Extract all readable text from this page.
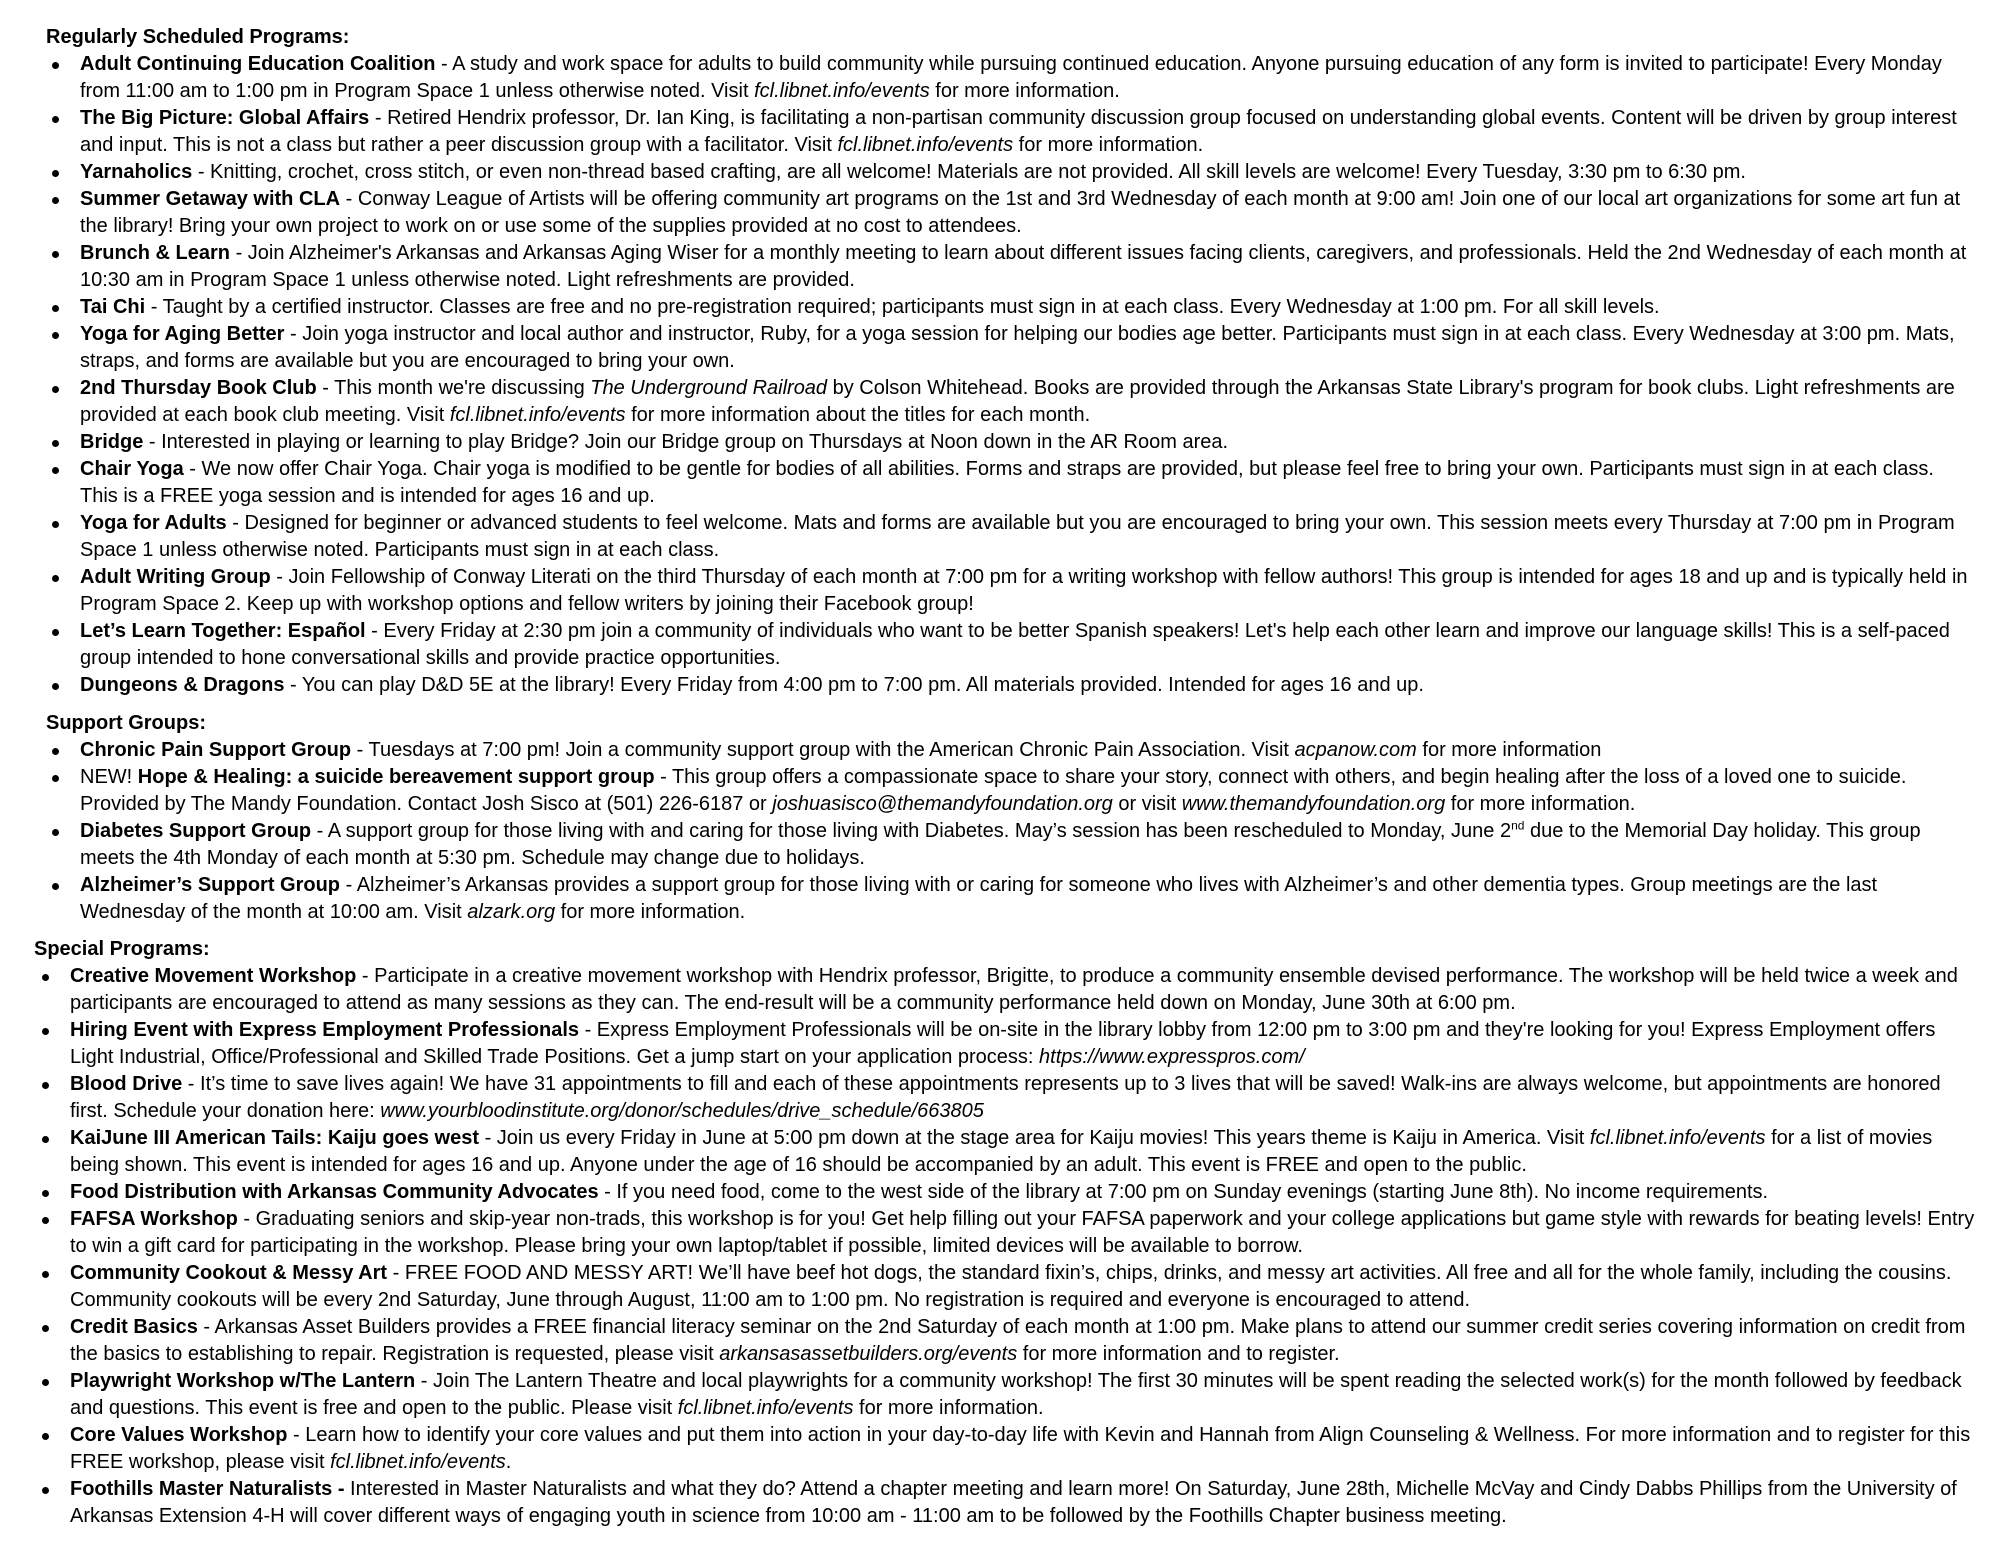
Regularly Scheduled Programs:
Adult Continuing Education Coalition - A study and work space for adults to build community while pursuing continued education. Anyone pursuing education of any form is invited to participate! Every Monday from 11:00 am to 1:00 pm in Program Space 1 unless otherwise noted. Visit fcl.libnet.info/events for more information.
The Big Picture: Global Affairs - Retired Hendrix professor, Dr. Ian King, is facilitating a non-partisan community discussion group focused on understanding global events. Content will be driven by group interest and input. This is not a class but rather a peer discussion group with a facilitator. Visit fcl.libnet.info/events for more information.
Yarnaholics - Knitting, crochet, cross stitch, or even non-thread based crafting, are all welcome! Materials are not provided. All skill levels are welcome! Every Tuesday, 3:30 pm to 6:30 pm.
Summer Getaway with CLA - Conway League of Artists will be offering community art programs on the 1st and 3rd Wednesday of each month at 9:00 am! Join one of our local art organizations for some art fun at the library! Bring your own project to work on or use some of the supplies provided at no cost to attendees.
Brunch & Learn - Join Alzheimer's Arkansas and Arkansas Aging Wiser for a monthly meeting to learn about different issues facing clients, caregivers, and professionals. Held the 2nd Wednesday of each month at 10:30 am in Program Space 1 unless otherwise noted. Light refreshments are provided.
Tai Chi - Taught by a certified instructor. Classes are free and no pre-registration required; participants must sign in at each class. Every Wednesday at 1:00 pm. For all skill levels.
Yoga for Aging Better - Join yoga instructor and local author and instructor, Ruby, for a yoga session for helping our bodies age better. Participants must sign in at each class. Every Wednesday at 3:00 pm. Mats, straps, and forms are available but you are encouraged to bring your own.
2nd Thursday Book Club - This month we're discussing The Underground Railroad by Colson Whitehead. Books are provided through the Arkansas State Library's program for book clubs. Light refreshments are provided at each book club meeting. Visit fcl.libnet.info/events for more information about the titles for each month.
Bridge - Interested in playing or learning to play Bridge? Join our Bridge group on Thursdays at Noon down in the AR Room area.
Chair Yoga - We now offer Chair Yoga. Chair yoga is modified to be gentle for bodies of all abilities. Forms and straps are provided, but please feel free to bring your own. Participants must sign in at each class. This is a FREE yoga session and is intended for ages 16 and up.
Yoga for Adults - Designed for beginner or advanced students to feel welcome. Mats and forms are available but you are encouraged to bring your own. This session meets every Thursday at 7:00 pm in Program Space 1 unless otherwise noted. Participants must sign in at each class.
Adult Writing Group - Join Fellowship of Conway Literati on the third Thursday of each month at 7:00 pm for a writing workshop with fellow authors! This group is intended for ages 18 and up and is typically held in Program Space 2. Keep up with workshop options and fellow writers by joining their Facebook group!
Let’s Learn Together: Español - Every Friday at 2:30 pm join a community of individuals who want to be better Spanish speakers! Let's help each other learn and improve our language skills! This is a self-paced group intended to hone conversational skills and provide practice opportunities.
Dungeons & Dragons - You can play D&D 5E at the library! Every Friday from 4:00 pm to 7:00 pm. All materials provided. Intended for ages 16 and up.
Support Groups:
Chronic Pain Support Group - Tuesdays at 7:00 pm! Join a community support group with the American Chronic Pain Association. Visit acpanow.com for more information
NEW! Hope & Healing: a suicide bereavement support group - This group offers a compassionate space to share your story, connect with others, and begin healing after the loss of a loved one to suicide. Provided by The Mandy Foundation. Contact Josh Sisco at (501) 226-6187 or joshuasisco@themandyfoundation.org or visit www.themandyfoundation.org for more information.
Diabetes Support Group - A support group for those living with and caring for those living with Diabetes. May’s session has been rescheduled to Monday, June 2nd due to the Memorial Day holiday. This group meets the 4th Monday of each month at 5:30 pm. Schedule may change due to holidays.
Alzheimer’s Support Group - Alzheimer’s Arkansas provides a support group for those living with or caring for someone who lives with Alzheimer’s and other dementia types. Group meetings are the last Wednesday of the month at 10:00 am. Visit alzark.org for more information.
Special Programs:
Creative Movement Workshop - Participate in a creative movement workshop with Hendrix professor, Brigitte, to produce a community ensemble devised performance. The workshop will be held twice a week and participants are encouraged to attend as many sessions as they can. The end-result will be a community performance held down on Monday, June 30th at 6:00 pm.
Hiring Event with Express Employment Professionals - Express Employment Professionals will be on-site in the library lobby from 12:00 pm to 3:00 pm and they're looking for you! Express Employment offers Light Industrial, Office/Professional and Skilled Trade Positions. Get a jump start on your application process: https://www.expresspros.com/
Blood Drive - It’s time to save lives again! We have 31 appointments to fill and each of these appointments represents up to 3 lives that will be saved! Walk-ins are always welcome, but appointments are honored first. Schedule your donation here: www.yourbloodinstitute.org/donor/schedules/drive_schedule/663805
KaiJune III American Tails: Kaiju goes west - Join us every Friday in June at 5:00 pm down at the stage area for Kaiju movies! This years theme is Kaiju in America. Visit fcl.libnet.info/events for a list of movies being shown. This event is intended for ages 16 and up. Anyone under the age of 16 should be accompanied by an adult. This event is FREE and open to the public.
Food Distribution with Arkansas Community Advocates - If you need food, come to the west side of the library at 7:00 pm on Sunday evenings (starting June 8th). No income requirements.
FAFSA Workshop - Graduating seniors and skip-year non-trads, this workshop is for you! Get help filling out your FAFSA paperwork and your college applications but game style with rewards for beating levels! Entry to win a gift card for participating in the workshop. Please bring your own laptop/tablet if possible, limited devices will be available to borrow.
Community Cookout & Messy Art - FREE FOOD AND MESSY ART! We’ll have beef hot dogs, the standard fixin’s, chips, drinks, and messy art activities. All free and all for the whole family, including the cousins. Community cookouts will be every 2nd Saturday, June through August, 11:00 am to 1:00 pm. No registration is required and everyone is encouraged to attend.
Credit Basics - Arkansas Asset Builders provides a FREE financial literacy seminar on the 2nd Saturday of each month at 1:00 pm. Make plans to attend our summer credit series covering information on credit from the basics to establishing to repair. Registration is requested, please visit arkansasassetbuilders.org/events for more information and to register.
Playwright Workshop w/The Lantern - Join The Lantern Theatre and local playwrights for a community workshop! The first 30 minutes will be spent reading the selected work(s) for the month followed by feedback and questions. This event is free and open to the public. Please visit fcl.libnet.info/events for more information.
Core Values Workshop - Learn how to identify your core values and put them into action in your day-to-day life with Kevin and Hannah from Align Counseling & Wellness. For more information and to register for this FREE workshop, please visit fcl.libnet.info/events.
Foothills Master Naturalists - Interested in Master Naturalists and what they do? Attend a chapter meeting and learn more! On Saturday, June 28th, Michelle McVay and Cindy Dabbs Phillips from the University of Arkansas Extension 4-H will cover different ways of engaging youth in science from 10:00 am - 11:00 am to be followed by the Foothills Chapter business meeting.
